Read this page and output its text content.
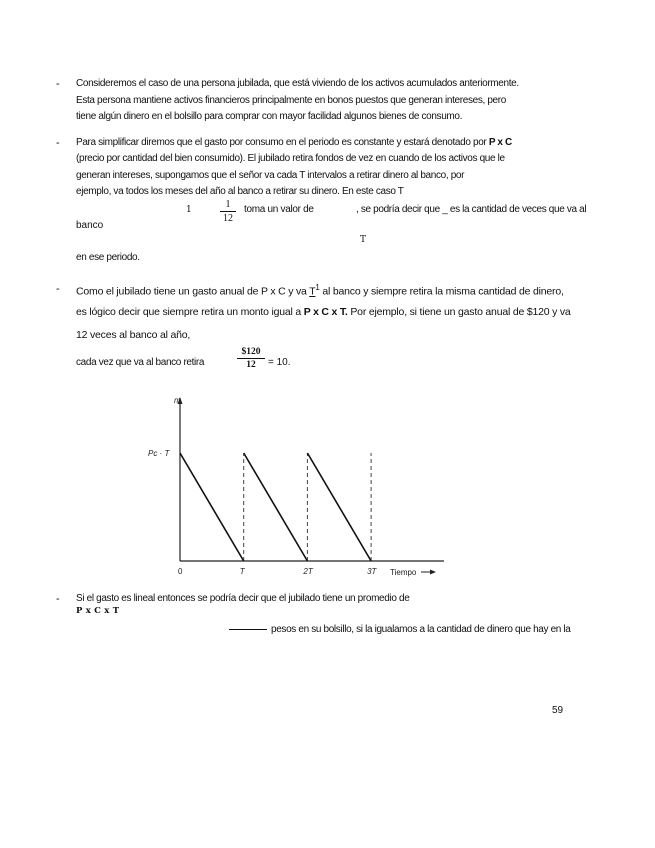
- Consideremos el caso de una persona jubilada, que está viviendo de los activos acumulados anteriormente.
Esta persona mantiene activos financieros principalmente en bonos puestos que generan intereses, pero
tiene algún dinero en el bolsillo para comprar con mayor facilidad algunos bienes de consumo.
- Para simplificar diremos que el gasto por consumo en el periodo es constante y estará denotado por P x C
(precio por cantidad del bien consumido). El jubilado retira fondos de vez en cuando de los activos que le
generan intereses, supongamos que el señor va cada T intervalos a retirar dinero al banco, por
ejemplo, va todos los meses del año al banco a retirar su dinero. En este caso T
1	1
12
toma un valor de	, se podría decir que _ es la cantidad de veces que va al
banco
T
en ese periodo.
- Como el jubilado tiene un gasto anual de P x C y va $T^1$ al banco y siempre retira la misma cantidad de dinero,
es lógico decir que siempre retira un monto igual a P x C x T. Por ejemplo, si tiene un gasto anual de $120 y va
12 veces al banco al año,
cada vez que va al banco retira
$120
12	= 10.
m
Pc · T
0	T	2T	3T Tiempo
- Si el gasto es lineal entonces se podría decir que el jubilado tiene un promedio de
P x C x T
pesos en su bolsillo, si la igualamos a la cantidad de dinero que hay en la
59
